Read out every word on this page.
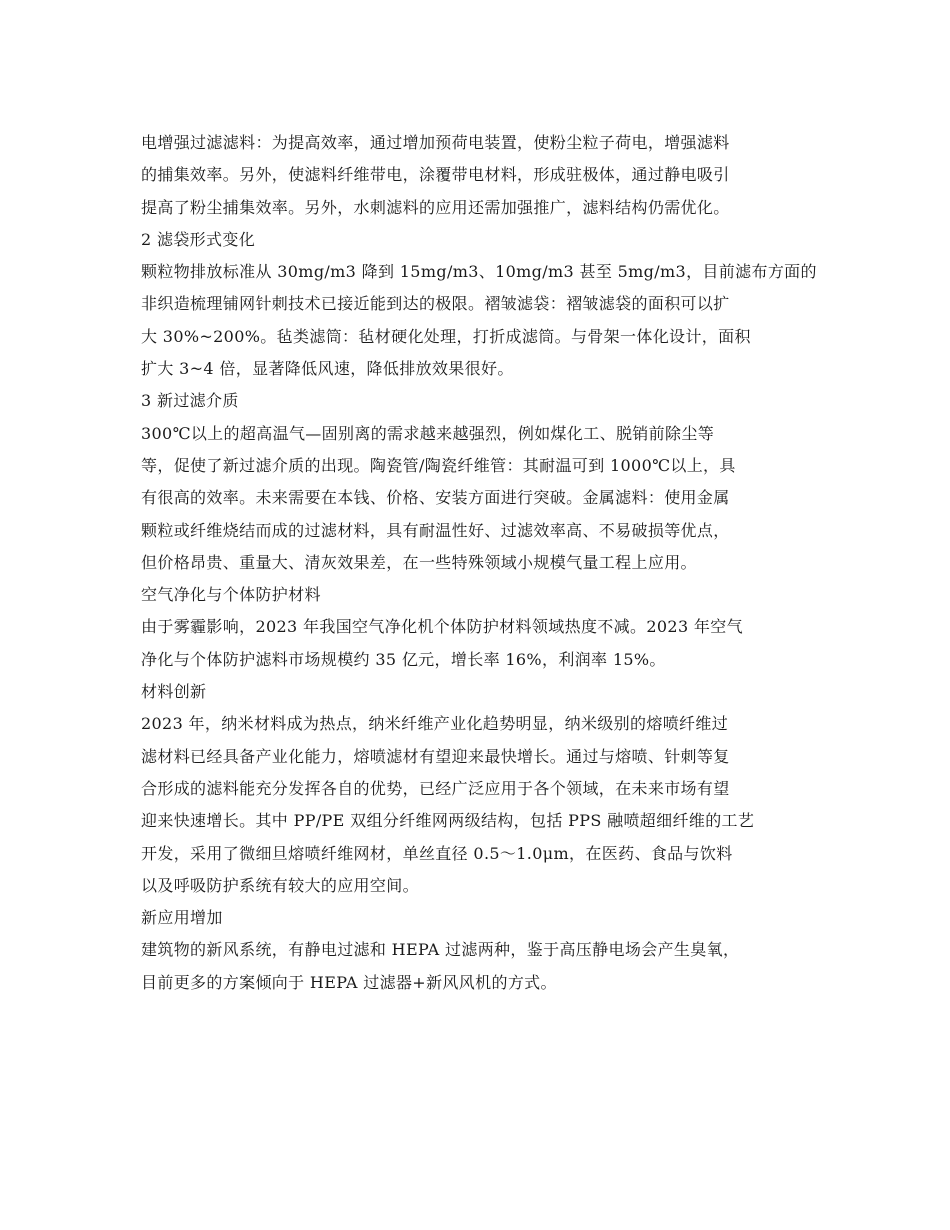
电增强过滤滤料：为提高效率，通过增加预荷电装置，使粉尘粒子荷电，增强滤料
的捕集效率。另外，使滤料纤维带电，涂覆带电材料，形成驻极体，通过静电吸引
提高了粉尘捕集效率。另外，水刺滤料的应用还需加强推广，滤料结构仍需优化。
2 滤袋形式变化
颗粒物排放标准从 30mg/m3 降到 15mg/m3、10mg/m3 甚至 5mg/m3，目前滤布方面的
非织造梳理铺网针刺技术已接近能到达的极限。褶皱滤袋：褶皱滤袋的面积可以扩
大 30%~200%。毡类滤筒：毡材硬化处理，打折成滤筒。与骨架一体化设计，面积
扩大 3~4 倍，显著降低风速，降低排放效果很好。
3 新过滤介质
300℃以上的超高温气—固别离的需求越来越强烈，例如煤化工、脱销前除尘等
等，促使了新过滤介质的出现。陶瓷管/陶瓷纤维管：其耐温可到 1000℃以上，具
有很高的效率。未来需要在本钱、价格、安装方面进行突破。金属滤料：使用金属
颗粒或纤维烧结而成的过滤材料，具有耐温性好、过滤效率高、不易破损等优点，
但价格昂贵、重量大、清灰效果差，在一些特殊领域小规模气量工程上应用。
空气净化与个体防护材料
由于雾霾影响，2023 年我国空气净化机个体防护材料领域热度不减。2023 年空气
净化与个体防护滤料市场规模约 35 亿元，增长率 16%，利润率 15%。
材料创新
2023 年，纳米材料成为热点，纳米纤维产业化趋势明显，纳米级别的熔喷纤维过
滤材料已经具备产业化能力，熔喷滤材有望迎来最快增长。通过与熔喷、针刺等复
合形成的滤料能充分发挥各自的优势，已经广泛应用于各个领域，在未来市场有望
迎来快速增长。其中 PP/PE 双组分纤维网两级结构，包括 PPS 融喷超细纤维的工艺
开发，采用了微细旦熔喷纤维网材，单丝直径 0.5～1.0μm，在医药、食品与饮料
以及呼吸防护系统有较大的应用空间。
新应用增加
建筑物的新风系统，有静电过滤和 HEPA 过滤两种，鉴于高压静电场会产生臭氧，
目前更多的方案倾向于 HEPA 过滤器+新风风机的方式。
